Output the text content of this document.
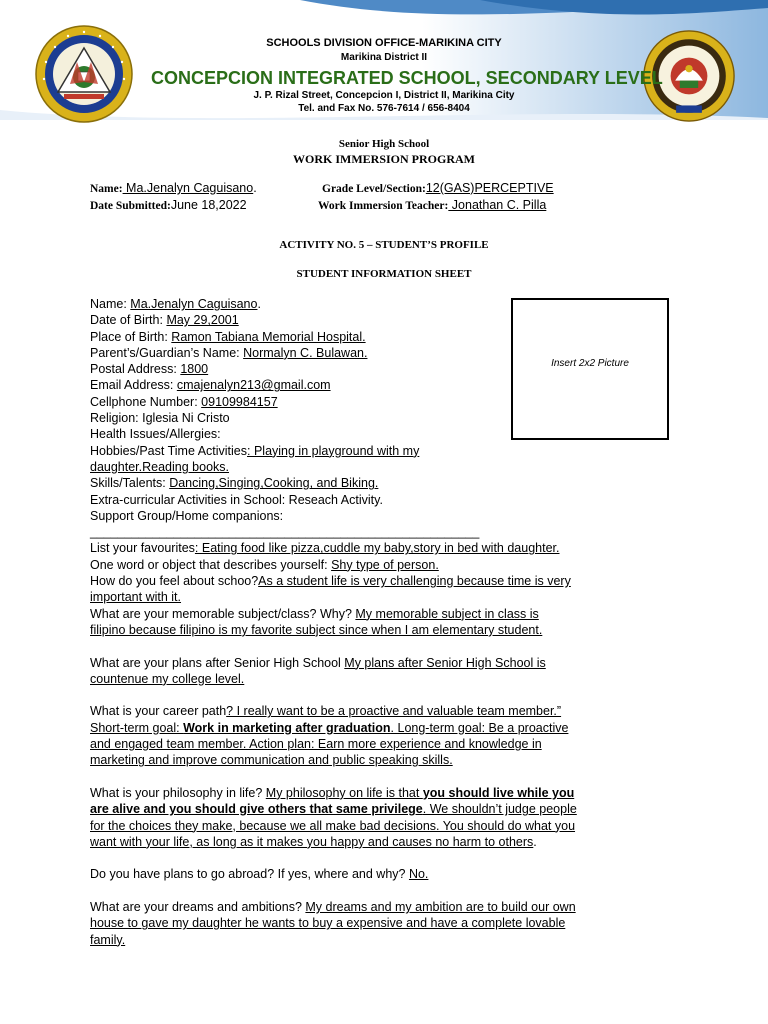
SCHOOLS DIVISION OFFICE-MARIKINA CITY
Marikina District II
CONCEPCION INTEGRATED SCHOOL, SECONDARY LEVEL
J. P. Rizal Street, Concepcion I, District II, Marikina City
Tel. and Fax No. 576-7614 / 656-8404
Senior High School
WORK IMMERSION PROGRAM
Name: Ma.Jenalyn Caguisano.	Grade Level/Section:12(GAS)PERCEPTIVE
Date Submitted:June 18,2022	Work Immersion Teacher: Jonathan C. Pilla
ACTIVITY NO. 5 – STUDENT’S PROFILE
STUDENT INFORMATION SHEET
Insert 2x2 Picture
Name: Ma.Jenalyn Caguisano.
Date of Birth: May 29,2001
Place of Birth: Ramon Tabiana Memorial Hospital.
Parent’s/Guardian’s Name: Normalyn C. Bulawan.
Postal Address: 1800
Email Address: cmajenalyn213@gmail.com
Cellphone Number: 09109984157
Religion: Iglesia Ni Cristo
Health Issues/Allergies:
Hobbies/Past Time Activities: Playing in playground with my
daughter.Reading books.
Skills/Talents: Dancing,Singing,Cooking, and Biking.
Extra-curricular Activities in School: Reseach Activity.
Support Group/Home companions:
________________________________________________________
List your favourites: Eating food like pizza,cuddle my baby,story in bed with daughter.
One word or object that describes yourself: Shy type of person.
How do you feel about schoo?As a student life is very challenging because time is very
important with it.
What are your memorable subject/class? Why? My memorable subject in class is
filipino because filipino is my favorite subject since when I am elementary student.
What are your plans after Senior High School My plans after Senior High School is
countenue my college level.
What is your career path? I really want to be a proactive and valuable team member.”
Short-term goal: Work in marketing after graduation. Long-term goal: Be a proactive
and engaged team member. Action plan: Earn more experience and knowledge in
marketing and improve communication and public speaking skills.
What is your philosophy in life? My philosophy on life is that you should live while you
are alive and you should give others that same privilege. We shouldn’t judge people
for the choices they make, because we all make bad decisions. You should do what you
want with your life, as long as it makes you happy and causes no harm to others.
Do you have plans to go abroad? If yes, where and why? No.
What are your dreams and ambitions? My dreams and my ambition are to build our own
house to gave my daughter he wants to buy a expensive and have a complete lovable
family.
